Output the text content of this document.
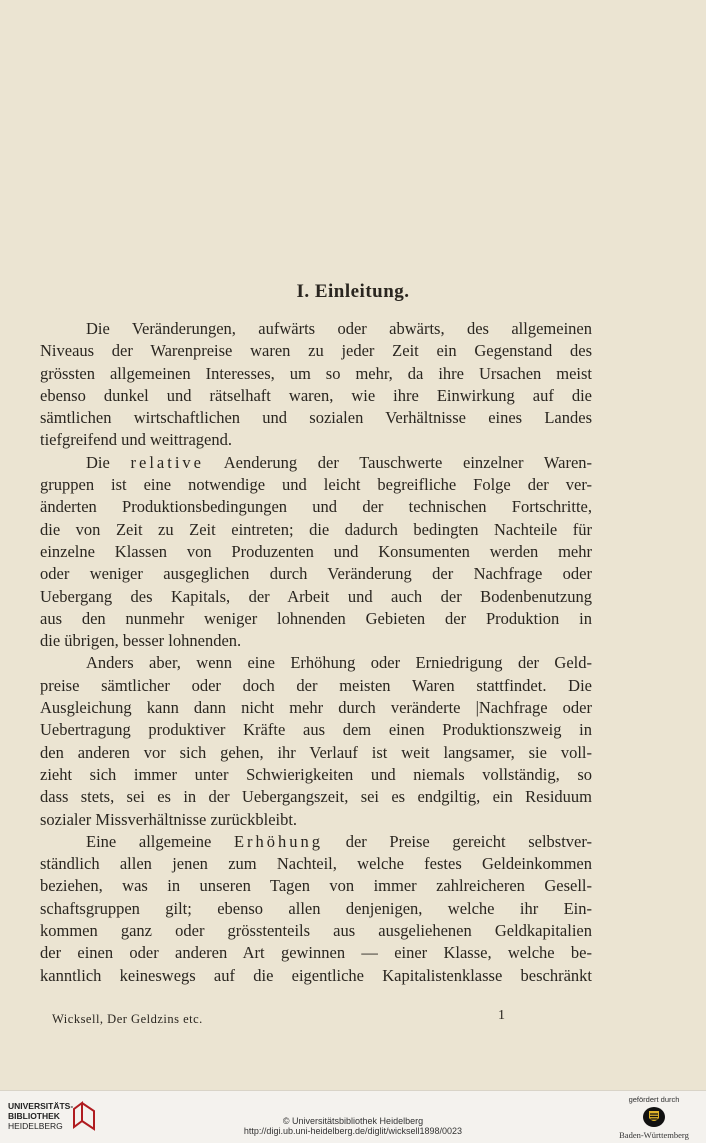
I. Einleitung.
Die Veränderungen, aufwärts oder abwärts, des allgemeinen
Niveaus der Warenpreise waren zu jeder Zeit ein Gegenstand des
grössten allgemeinen Interesses, um so mehr, da ihre Ursachen meist
ebenso dunkel und rätselhaft waren, wie ihre Einwirkung auf die
sämtlichen wirtschaftlichen und sozialen Verhältnisse eines Landes
tiefgreifend und weittragend.
Die relative Aenderung der Tauschwerte einzelner Waren-
gruppen ist eine notwendige und leicht begreifliche Folge der ver-
änderten Produktionsbedingungen und der technischen Fortschritte,
die von Zeit zu Zeit eintreten; die dadurch bedingten Nachteile für
einzelne Klassen von Produzenten und Konsumenten werden mehr
oder weniger ausgeglichen durch Veränderung der Nachfrage oder
Uebergang des Kapitals, der Arbeit und auch der Bodenbenutzung
aus den nunmehr weniger lohnenden Gebieten der Produktion in
die übrigen, besser lohnenden.
Anders aber, wenn eine Erhöhung oder Erniedrigung der Geld-
preise sämtlicher oder doch der meisten Waren stattfindet. Die
Ausgleichung kann dann nicht mehr durch veränderte |Nachfrage oder
Uebertragung produktiver Kräfte aus dem einen Produktionszweig in
den anderen vor sich gehen, ihr Verlauf ist weit langsamer, sie voll-
zieht sich immer unter Schwierigkeiten und niemals vollständig, so
dass stets, sei es in der Uebergangszeit, sei es endgiltig, ein Residuum
sozialer Missverhältnisse zurückbleibt.
Eine allgemeine Erhöhung der Preise gereicht selbstver-
ständlich allen jenen zum Nachteil, welche festes Geldeinkommen
beziehen, was in unseren Tagen von immer zahlreicheren Gesell-
schaftsgruppen gilt; ebenso allen denjenigen, welche ihr Ein-
kommen ganz oder grösstenteils aus ausgeliehenen Geldkapitalien
der einen oder anderen Art gewinnen — einer Klasse, welche be-
kanntlich keineswegs auf die eigentliche Kapitalistenklasse beschränkt
Wicksell, Der Geldzins etc.	1
UNIVERSITÄTS-
BIBLIOTHEK
HEIDELBERG	© Universitätsbibliothek Heidelberg
http://digi.ub.uni-heidelberg.de/diglit/wicksell1898/0023
gefördert durch
Baden-Württemberg
